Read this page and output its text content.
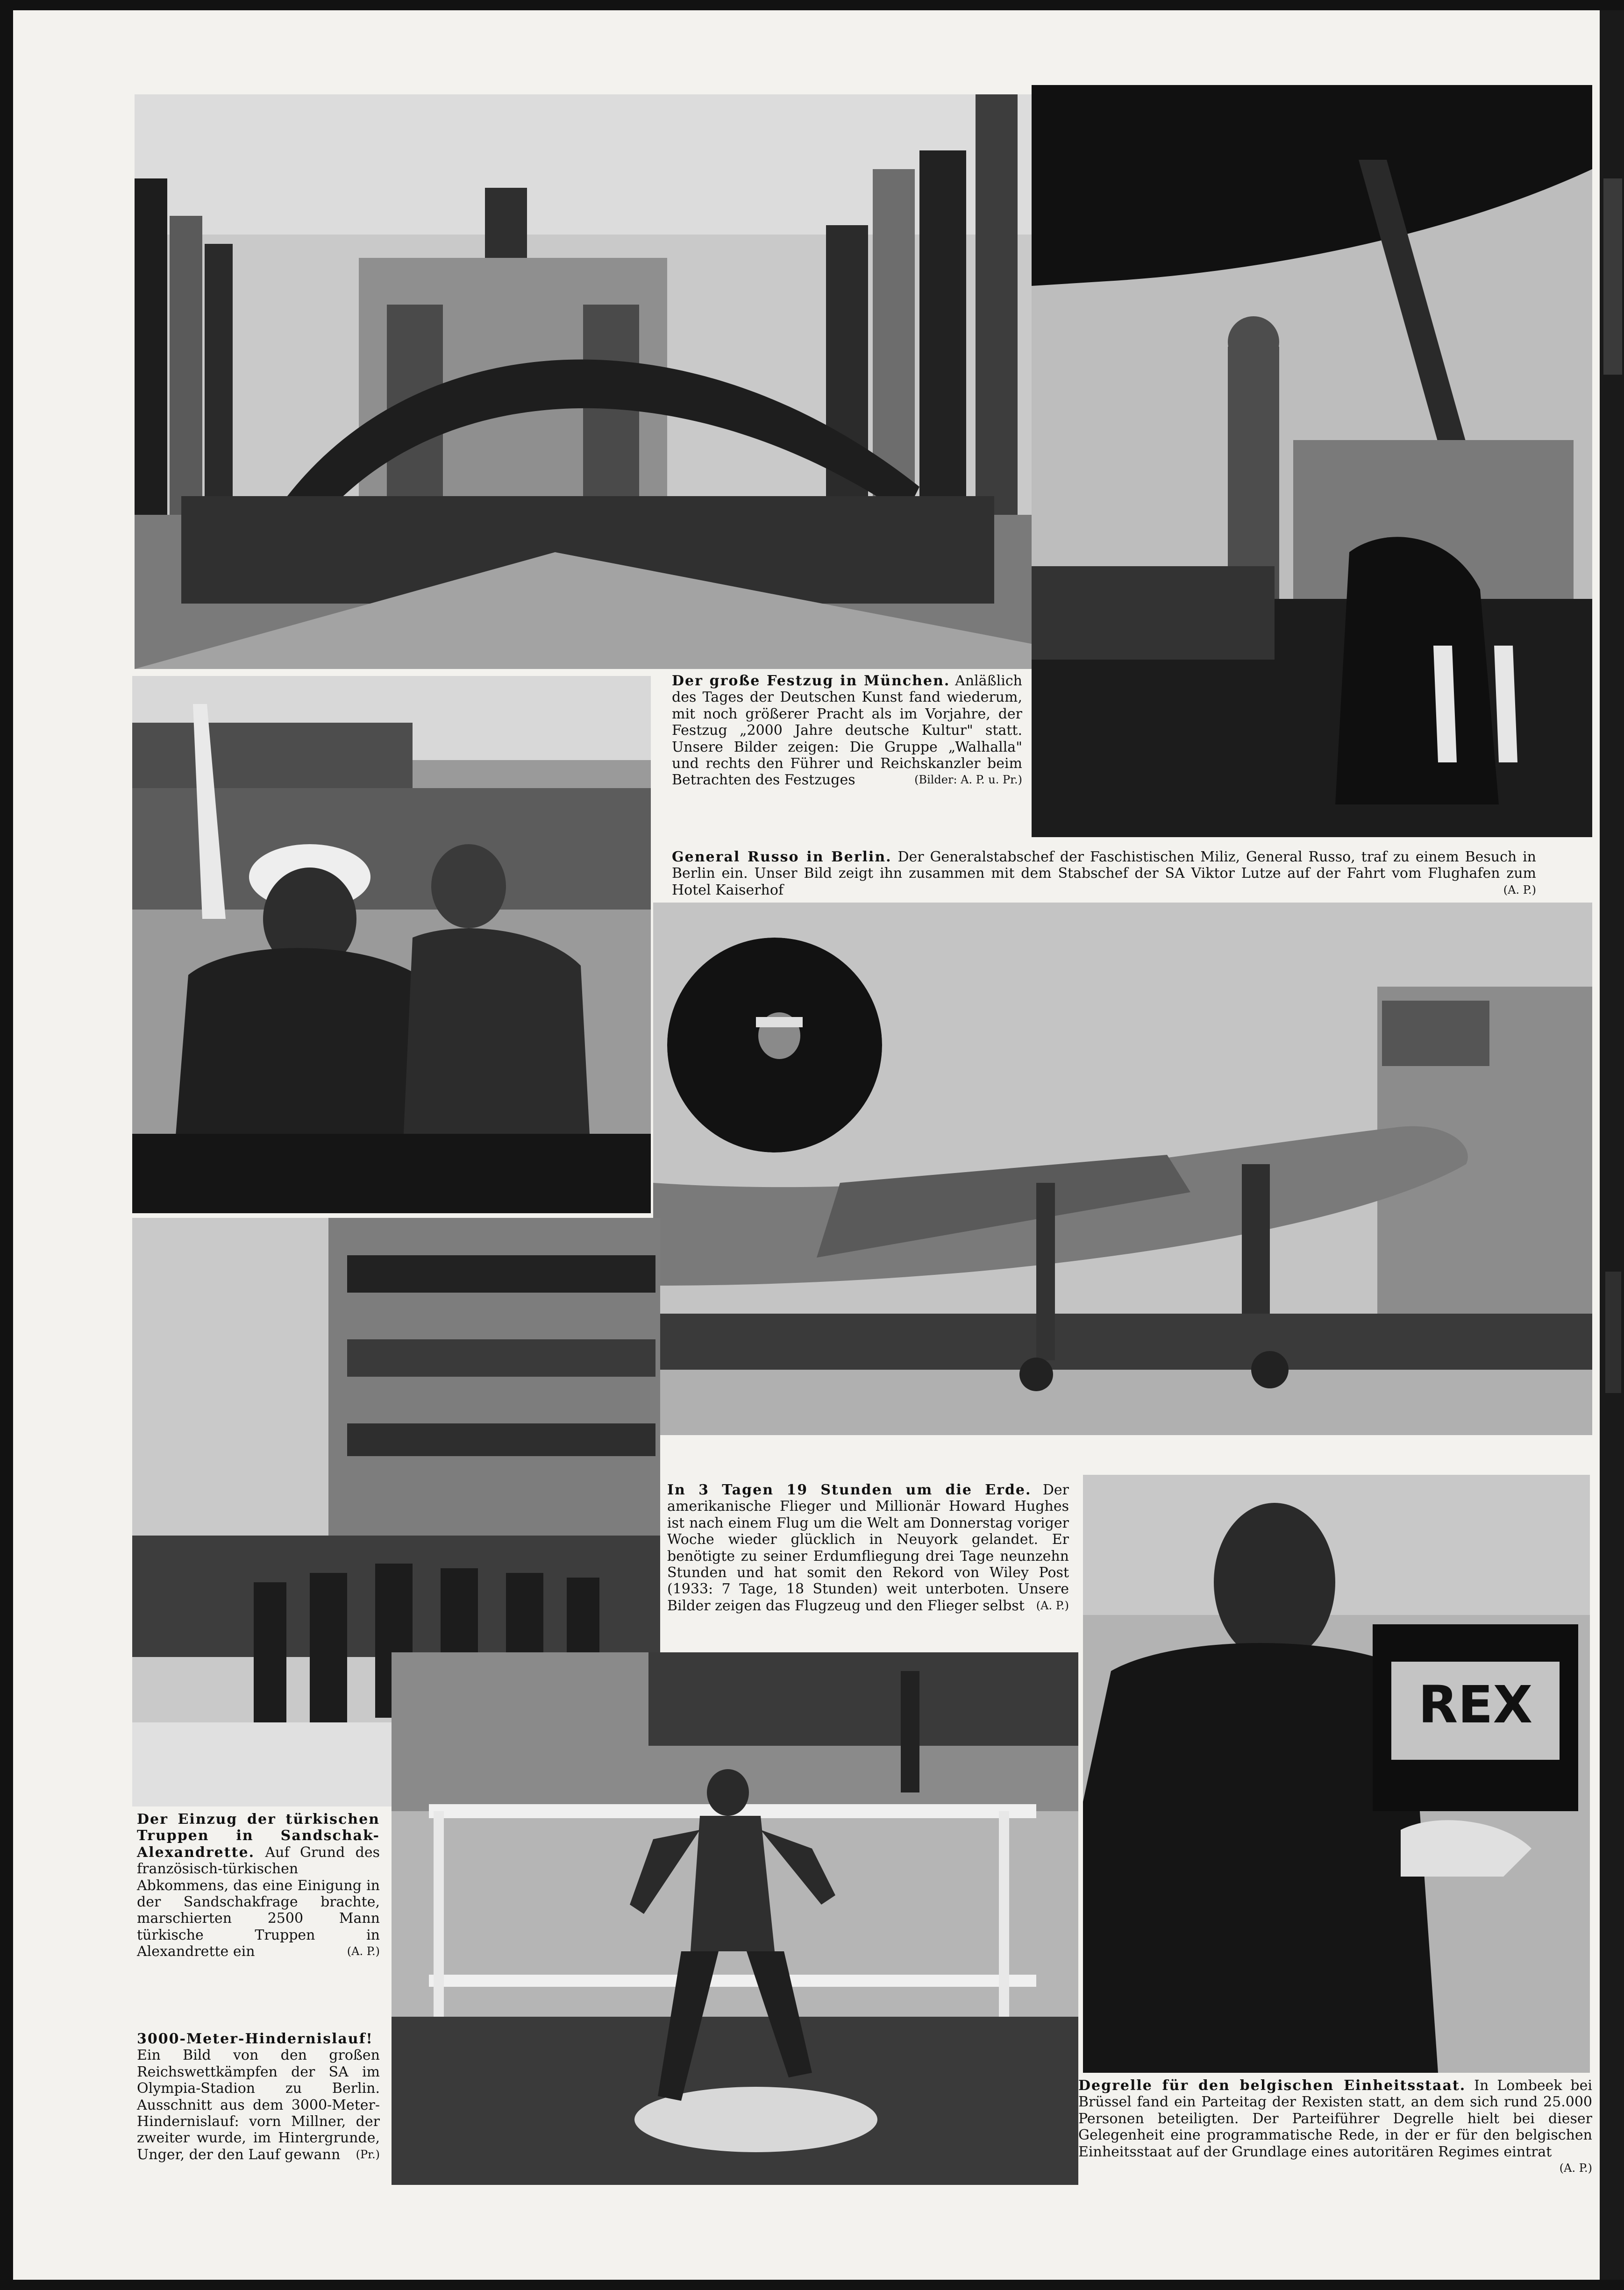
REX
Der große Festzug in München. Anläßlich des Tages der Deutschen Kunst fand wiederum, mit noch größerer Pracht als im Vorjahre, der Festzug „2000 Jahre deutsche Kultur" statt. Unsere Bilder zeigen: Die Gruppe „Walhalla" und rechts den Führer und Reichskanzler beim Betrachten des Festzuges	(Bilder: A. P. u. Pr.)
General Russo in Berlin. Der Generalstabschef der Faschistischen Miliz, General Russo, traf zu einem Besuch in Berlin ein. Unser Bild zeigt ihn zusammen mit dem Stabschef der SA Viktor Lutze auf der Fahrt vom Flughafen zum Hotel Kaiserhof	(A. P.)
In 3 Tagen 19 Stunden um die Erde. Der amerikanische Flieger und Millionär Howard Hughes ist nach einem Flug um die Welt am Donnerstag voriger Woche wieder glücklich in Neuyork gelandet. Er benötigte zu seiner Erdumfliegung drei Tage neunzehn Stunden und hat somit den Rekord von Wiley Post (1933: 7 Tage, 18 Stunden) weit unterboten. Unsere Bilder zeigen das Flugzeug und den Flieger selbst (A. P.)
Der Einzug der türkischen Truppen in Sandschak-Alexandrette. Auf Grund des französisch-türkischen Abkommens, das eine Einigung in der Sandschakfrage brachte, marschierten 2500 Mann türkische Truppen in Alexandrette ein	(A. P.)
3000-Meter-Hindernislauf! Ein Bild von den großen Reichswettkämpfen der SA im Olympia-Stadion zu Berlin. Ausschnitt aus dem 3000-Meter-Hindernislauf: vorn Millner, der zweiter wurde, im Hintergrunde, Unger, der den Lauf gewann (Pr.)
Degrelle für den belgischen Einheitsstaat. In Lombeek bei Brüssel fand ein Parteitag der Rexisten statt, an dem sich rund 25.000 Personen beteiligten. Der Parteiführer Degrelle hielt bei dieser Gelegenheit eine programmatische Rede, in der er für den belgischen Einheitsstaat auf der Grundlage eines autoritären Regimes eintrat
(A. P.)
